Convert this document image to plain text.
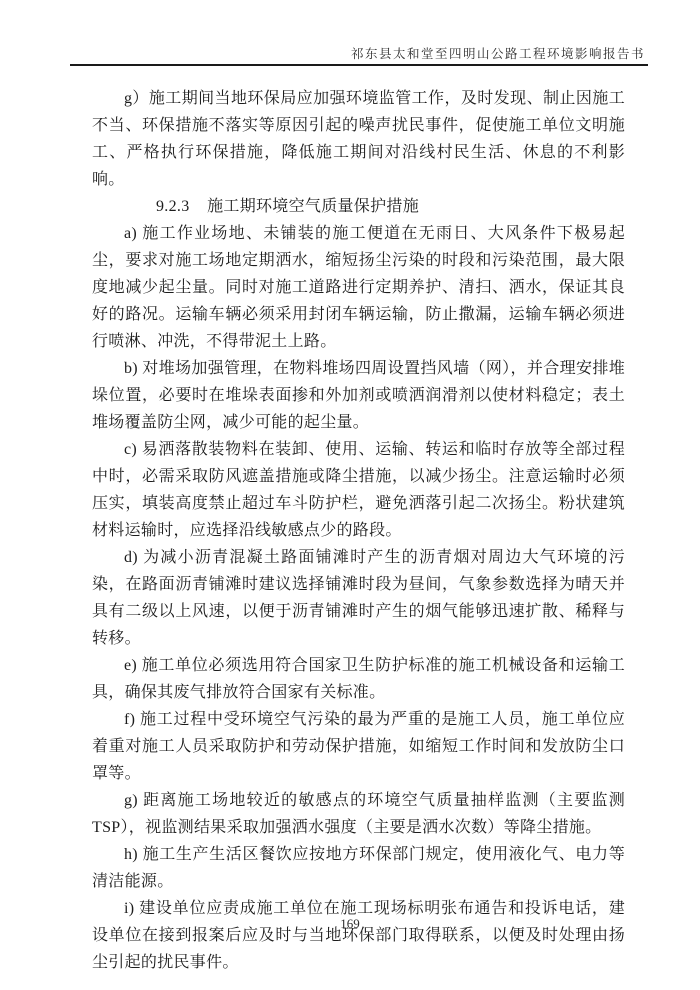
祁东县太和堂至四明山公路工程环境影响报告书

g）施工期间当地环保局应加强环境监管工作，及时发现、制止因施工不当、环保措施不落实等原因引起的噪声扰民事件，促使施工单位文明施工、严格执行环保措施，降低施工期间对沿线村民生活、休息的不利影响。

9.2.3 施工期环境空气质量保护措施

a) 施工作业场地、未铺装的施工便道在无雨日、大风条件下极易起尘，要求对施工场地定期洒水，缩短扬尘污染的时段和污染范围，最大限度地减少起尘量。同时对施工道路进行定期养护、清扫、洒水，保证其良好的路况。运输车辆必须采用封闭车辆运输，防止撒漏，运输车辆必须进行喷淋、冲洗，不得带泥土上路。

b) 对堆场加强管理，在物料堆场四周设置挡风墙（网），并合理安排堆垛位置，必要时在堆垛表面掺和外加剂或喷洒润滑剂以使材料稳定；表土堆场覆盖防尘网，减少可能的起尘量。

c) 易洒落散装物料在装卸、使用、运输、转运和临时存放等全部过程中时，必需采取防风遮盖措施或降尘措施，以减少扬尘。注意运输时必须压实，填装高度禁止超过车斗防护栏，避免洒落引起二次扬尘。粉状建筑材料运输时，应选择沿线敏感点少的路段。

d) 为减小沥青混凝土路面铺滩时产生的沥青烟对周边大气环境的污染，在路面沥青铺滩时建议选择铺滩时段为昼间，气象参数选择为晴天并具有二级以上风速，以便于沥青铺滩时产生的烟气能够迅速扩散、稀释与转移。

e) 施工单位必须选用符合国家卫生防护标准的施工机械设备和运输工具，确保其废气排放符合国家有关标准。

f) 施工过程中受环境空气污染的最为严重的是施工人员，施工单位应着重对施工人员采取防护和劳动保护措施，如缩短工作时间和发放防尘口罩等。

g) 距离施工场地较近的敏感点的环境空气质量抽样监测（主要监测 TSP），视监测结果采取加强洒水强度（主要是洒水次数）等降尘措施。

h) 施工生产生活区餐饮应按地方环保部门规定，使用液化气、电力等清洁能源。

i) 建设单位应责成施工单位在施工现场标明张布通告和投诉电话，建设单位在接到报案后应及时与当地环保部门取得联系，以便及时处理由扬尘引起的扰民事件。

169
